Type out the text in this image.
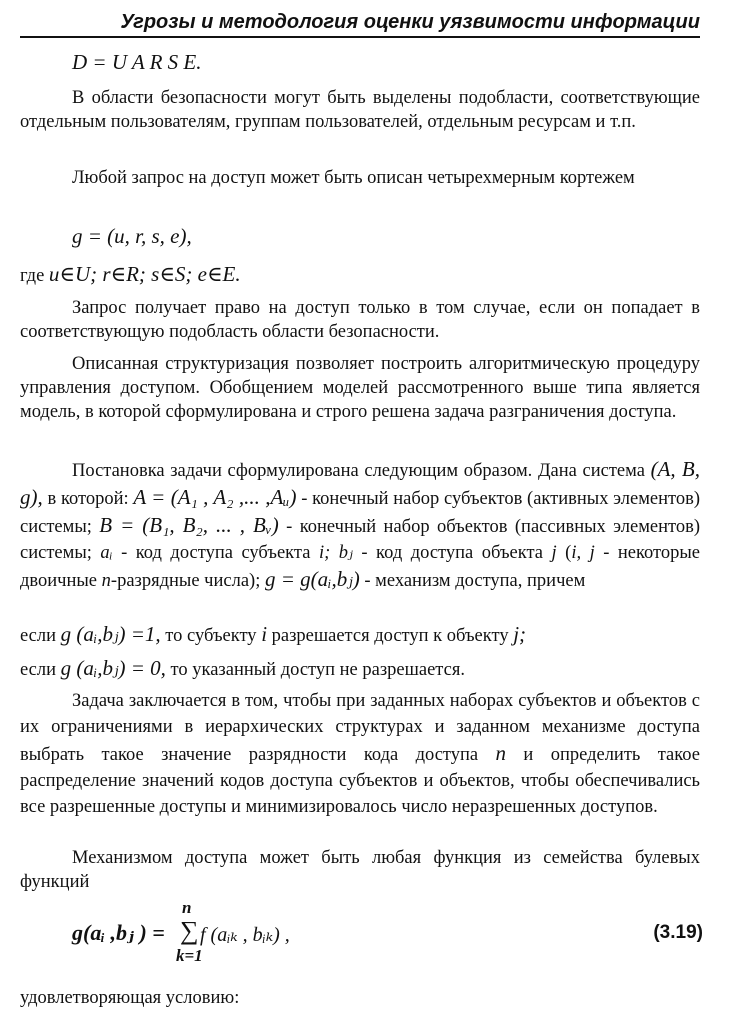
Угрозы и методология оценки уязвимости информации
D = U A R S E.
В области безопасности могут быть выделены подобласти, соответствующие отдельным пользователям, группам пользователей, отдельным ресурсам и т.п.
Любой запрос на доступ может быть описан четырехмерным кортежем
g = (u, r, s, e),
где u∈U; r∈R; s∈S; e∈E.
Запрос получает право на доступ только в том случае, если он попадает в соответствующую подобласть области безопасности.
Описанная структуризация позволяет построить алгоритмическую процедуру управления доступом. Обобщением моделей рассмотренного выше типа является модель, в которой сформулирована и строго решена задача разграничения доступа.
Постановка задачи сформулирована следующим образом. Дана система (A, B, g), в которой: A = (A₁ , A₂ ,... ,Aᵤ) - конечный набор субъектов (активных элементов) системы; B = (B₁, B₂, ... , Bᵥ) - конечный набор объектов (пассивных элементов) системы; aᵢ - код доступа субъекта i; bⱼ - код доступа объекта j (i, j - некоторые двоичные n-разрядные числа); g = g(aᵢ,bⱼ) - механизм доступа, причем
если g (aᵢ,bⱼ) =1, то субъекту i разрешается доступ к объекту j;
если g (aᵢ,bⱼ) = 0, то указанный доступ не разрешается.
Задача заключается в том, чтобы при заданных наборах субъектов и объектов с их ограничениями в иерархических структурах и заданном механизме доступа выбрать такое значение разрядности кода доступа n и определить такое распределение значений кодов доступа субъектов и объектов, чтобы обеспечивались все разрешенные доступы и минимизировалось число неразрешенных доступов.
Механизмом доступа может быть любая функция из семейства булевых функций
g(aᵢ ,bⱼ ) =
n
∑
k=1
f (aᵢₖ , bᵢₖ) ,	(3.19)
удовлетворяющая условию:
